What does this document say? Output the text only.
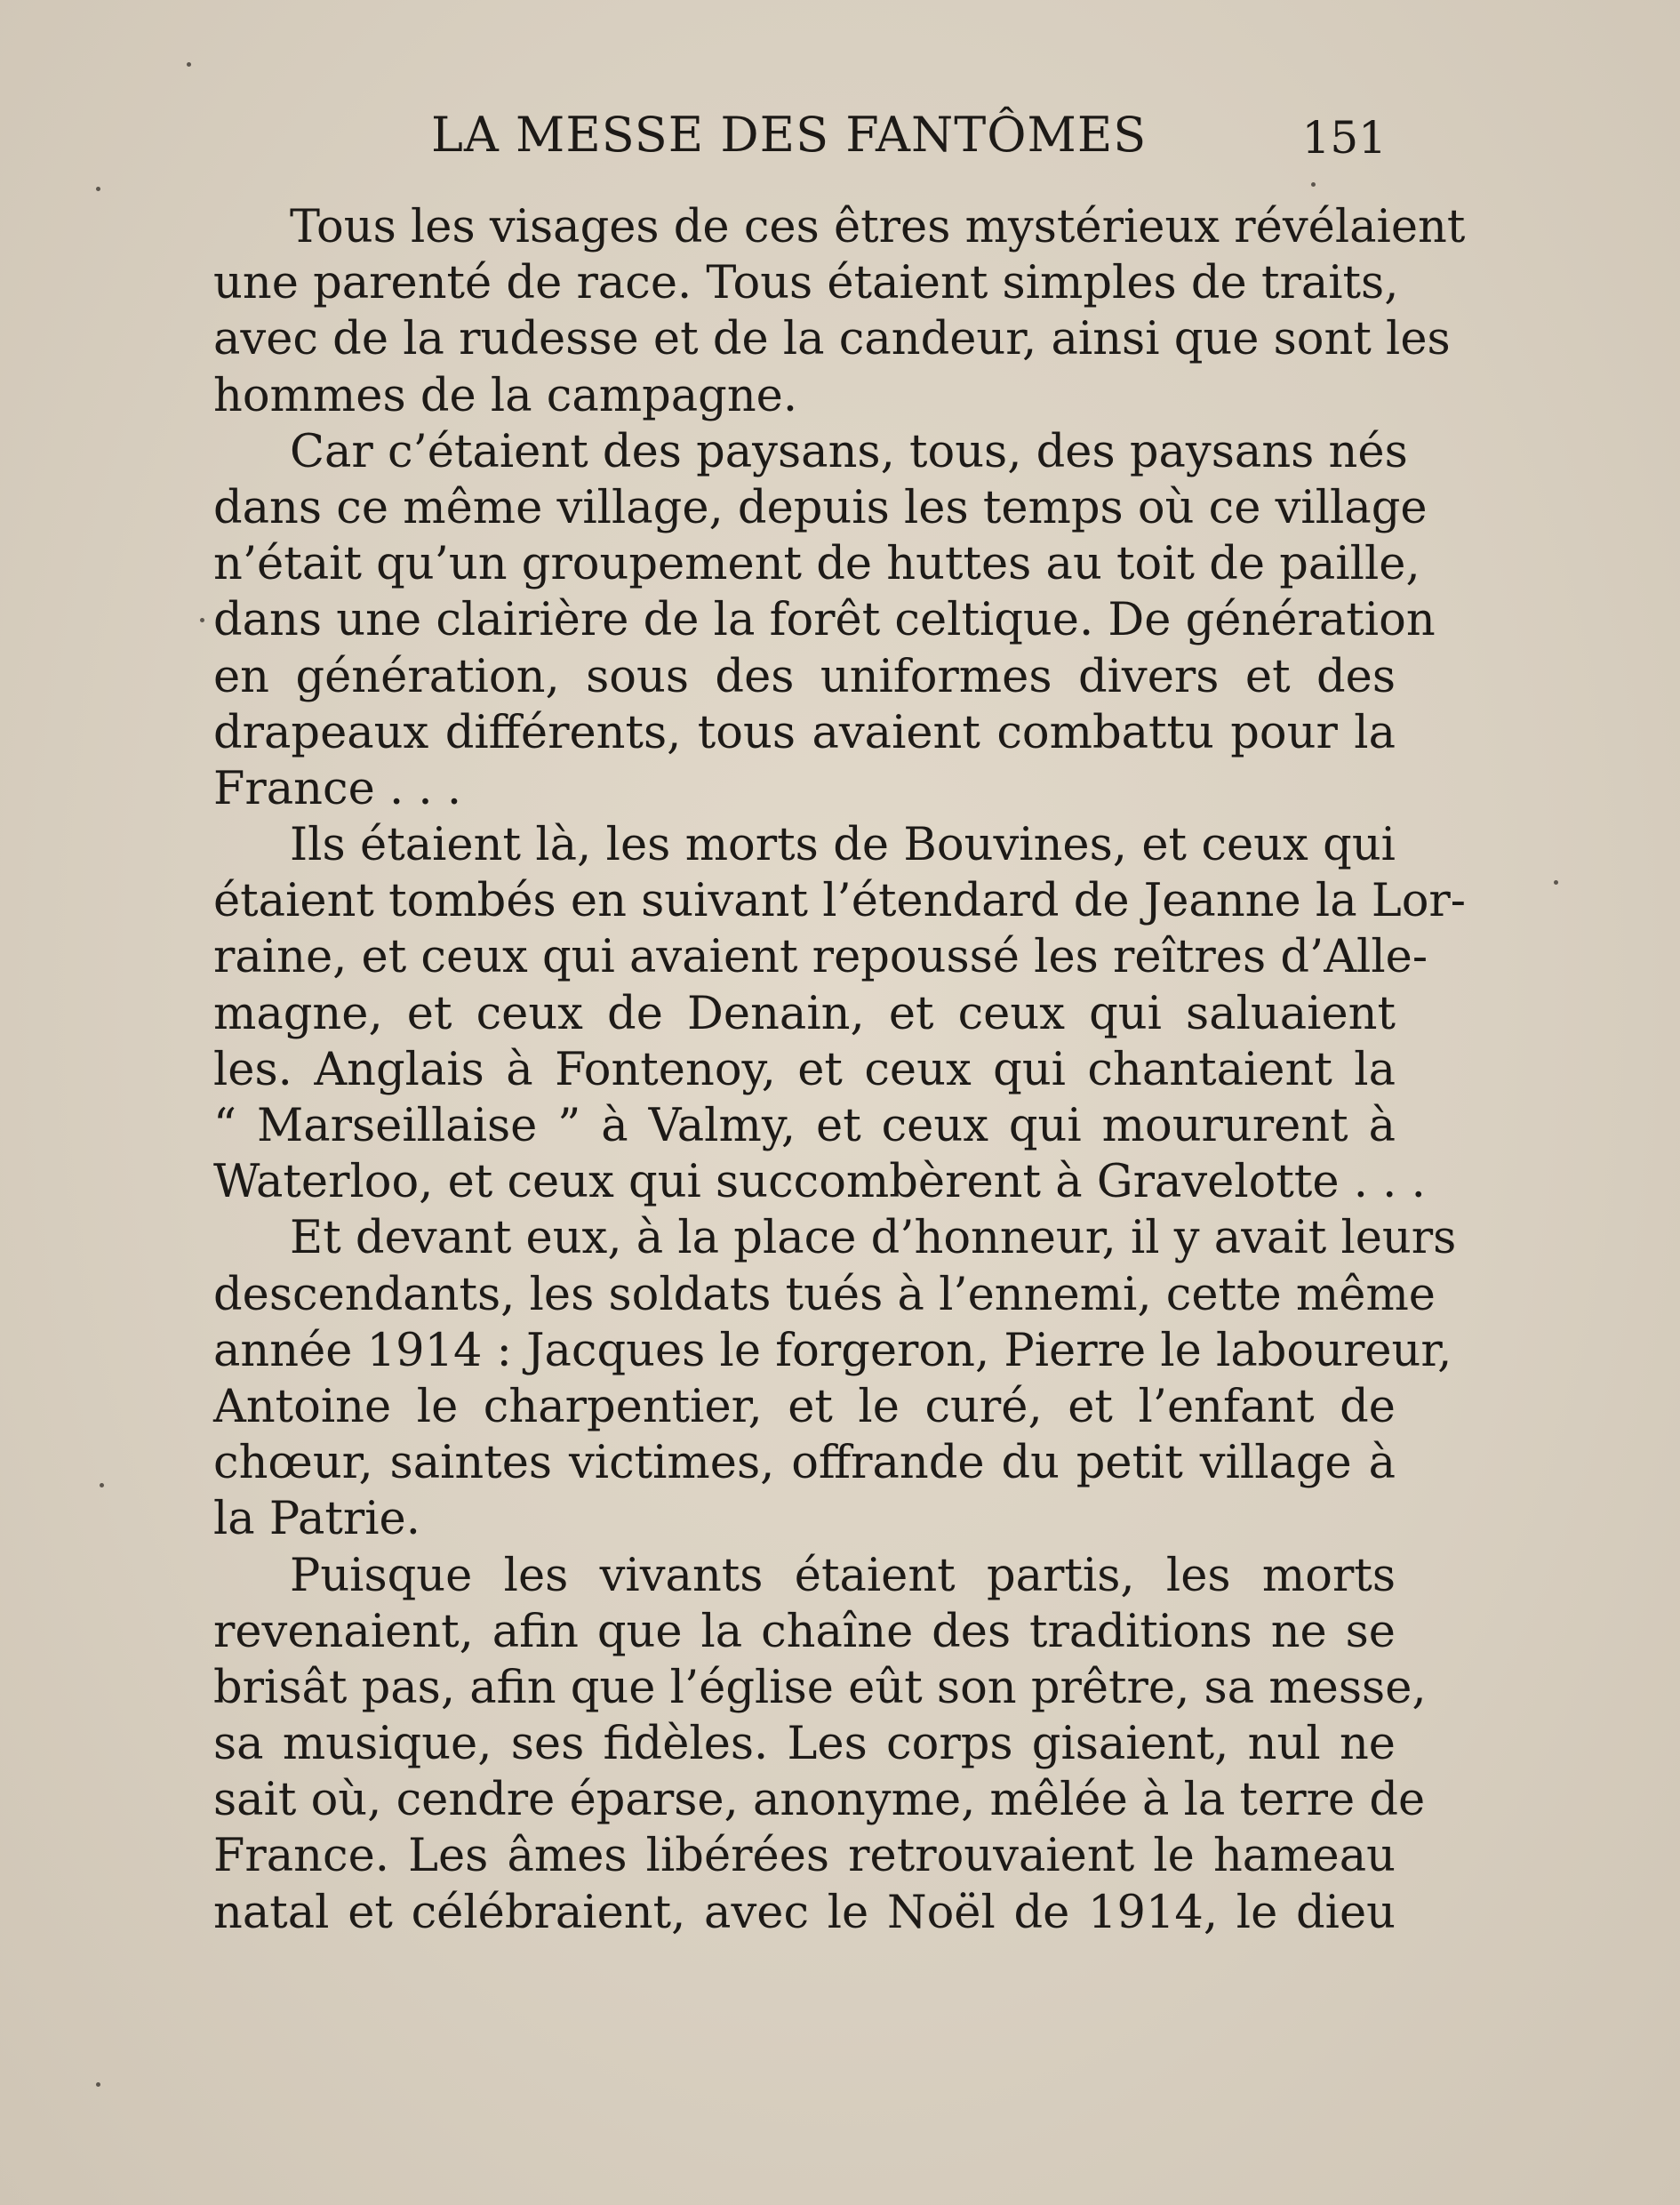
LA MESSE DES FANTÔMES	151
Tous les visages de ces êtres mystérieux révélaient
une parenté de race. Tous étaient simples de traits,
avec de la rudesse et de la candeur, ainsi que sont les
hommes de la campagne.
Car c’étaient des paysans, tous, des paysans nés
dans ce même village, depuis les temps où ce village
n’était qu’un groupement de huttes au toit de paille,
dans une clairière de la forêt celtique. De génération
en génération, sous des uniformes divers et des
drapeaux différents, tous avaient combattu pour la
France . . .
Ils étaient là, les morts de Bouvines, et ceux qui
étaient tombés en suivant l’étendard de Jeanne la Lor-
raine, et ceux qui avaient repoussé les reîtres d’Alle-
magne, et ceux de Denain, et ceux qui saluaient
les. Anglais à Fontenoy, et ceux qui chantaient la
“ Marseillaise ” à Valmy, et ceux qui moururent à
Waterloo, et ceux qui succombèrent à Gravelotte . . .
Et devant eux, à la place d’honneur, il y avait leurs
descendants, les soldats tués à l’ennemi, cette même
année 1914 : Jacques le forgeron, Pierre le laboureur,
Antoine le charpentier, et le curé, et l’enfant de
chœur, saintes victimes, offrande du petit village à
la Patrie.
Puisque les vivants étaient partis, les morts
revenaient, afin que la chaîne des traditions ne se
brisât pas, afin que l’église eût son prêtre, sa messe,
sa musique, ses fidèles. Les corps gisaient, nul ne
sait où, cendre éparse, anonyme, mêlée à la terre de
France. Les âmes libérées retrouvaient le hameau
natal et célébraient, avec le Noël de 1914, le dieu
